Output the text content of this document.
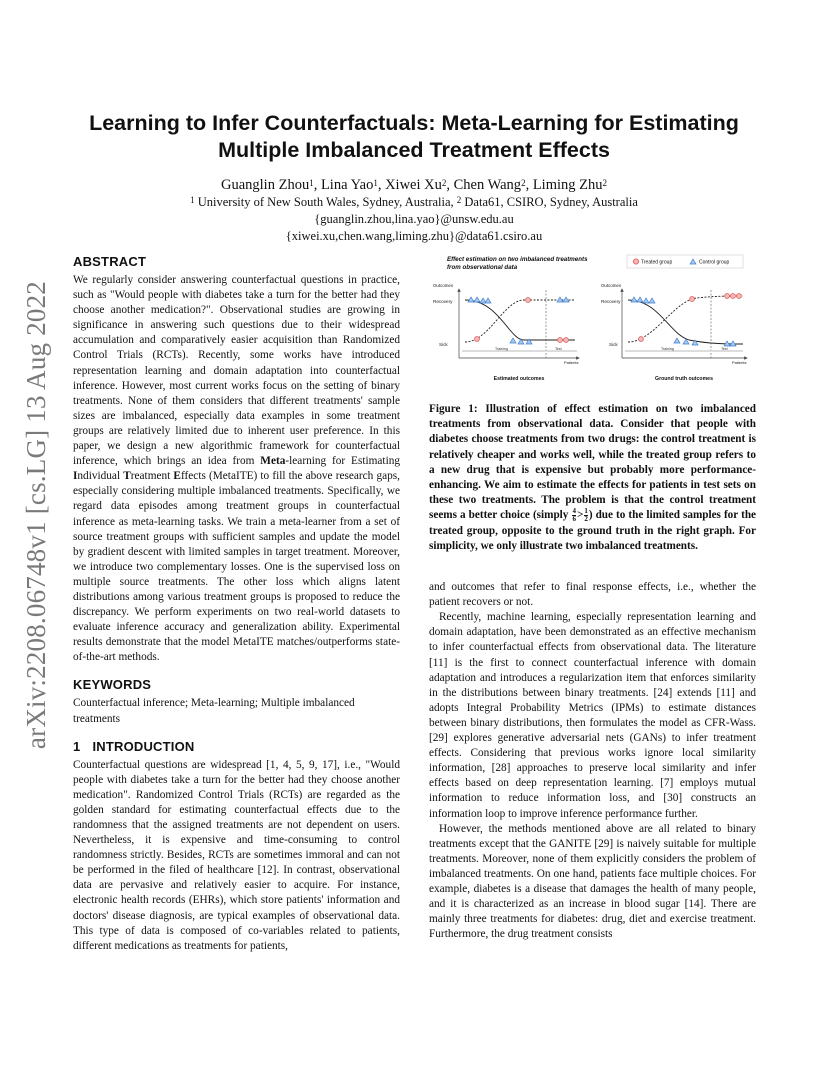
arXiv:2208.06748v1 [cs.LG] 13 Aug 2022
Learning to Infer Counterfactuals: Meta-Learning for Estimating
Multiple Imbalanced Treatment Effects
Guanglin Zhou$^1$, Lina Yao$^1$, Xiwei Xu$^2$, Chen Wang$^2$, Liming Zhu$^2$
$^1$ University of New South Wales, Sydney, Australia, $^2$ Data61, CSIRO, Sydney, Australia
{guanglin.zhou,lina.yao}@unsw.edu.au
{xiwei.xu,chen.wang,liming.zhu}@data61.csiro.au
ABSTRACT

We regularly consider answering counterfactual questions in practice, such as "Would people with diabetes take a turn for the better had they choose another medication?". Observational studies are growing in significance in answering such questions due to their widespread accumulation and comparatively easier acquisition than Randomized Control Trials (RCTs). Recently, some works have introduced representation learning and domain adaptation into counterfactual inference. However, most current works focus on the setting of binary treatments. None of them considers that different treatments' sample sizes are imbalanced, especially data examples in some treatment groups are relatively limited due to inherent user preference. In this paper, we design a new algorithmic framework for counterfactual inference, which brings an idea from Meta-learning for Estimating Individual Treatment Effects (MetaITE) to fill the above research gaps, especially considering multiple imbalanced treatments. Specifically, we regard data episodes among treatment groups in counterfactual inference as meta-learning tasks. We train a meta-learner from a set of source treatment groups with sufficient samples and update the model by gradient descent with limited samples in target treatment. Moreover, we introduce two complementary losses. One is the supervised loss on multiple source treatments. The other loss which aligns latent distributions among various treatment groups is proposed to reduce the discrepancy. We perform experiments on two real-world datasets to evaluate inference accuracy and generalization ability. Experimental results demonstrate that the model MetaITE matches/outperforms state-of-the-art methods.

KEYWORDS

Counterfactual inference; Meta-learning; Multiple imbalanced treatments

1 INTRODUCTION

Counterfactual questions are widespread [1, 4, 5, 9, 17], i.e., "Would people with diabetes take a turn for the better had they choose another medication". Randomized Control Trials (RCTs) are regarded as the golden standard for estimating counterfactual effects due to the randomness that the assigned treatments are not dependent on users. Nevertheless, it is expensive and time-consuming to control randomness strictly. Besides, RCTs are sometimes immoral and can not be performed in the filed of healthcare [12]. In contrast, observational data are pervasive and relatively easier to acquire. For instance, electronic health records (EHRs), which store patients' information and doctors' disease diagnosis, are typical examples of observational data. This type of data is composed of co-variables related to patients, different medications as treatments for patients,

Effect estimation on two imbalanced treatments
from observational data
Treated group	Control group
Outcomes
Recovery
Sick
Training	Test
Patients
Estimated outcomes
Outcomes
Recovery
Sick
Training	Test
Patients
Ground truth outcomes
Figure 1: Illustration of effect estimation on two imbalanced treatments from observational data. Consider that people with diabetes choose treatments from two drugs: the control treatment is relatively cheaper and works well, while the treated group refers to a new drug that is expensive but probably more performance-enhancing. We aim to estimate the effects for patients in test sets on these two treatments. The problem is that the control treatment seems a better choice (simply $\frac{4}{6} > \frac{1}{2}$ ) due to the limited samples for the treated group, opposite to the ground truth in the right graph. For simplicity, we only illustrate two imbalanced treatments.

and outcomes that refer to final response effects, i.e., whether the patient recovers or not.

Recently, machine learning, especially representation learning and domain adaptation, have been demonstrated as an effective mechanism to infer counterfactual effects from observational data. The literature [11] is the first to connect counterfactual inference with domain adaptation and introduces a regularization item that enforces similarity in the distributions between binary treatments. [24] extends [11] and adopts Integral Probability Metrics (IPMs) to estimate distances between binary distributions, then formulates the model as CFR-Wass. [29] explores generative adversarial nets (GANs) to infer treatment effects. Considering that previous works ignore local similarity information, [28] approaches to preserve local similarity and infer effects based on deep representation learning. [7] employs mutual information to reduce information loss, and [30] constructs an information loop to improve inference performance further.

However, the methods mentioned above are all related to binary treatments except that the GANITE [29] is naively suitable for multiple treatments. Moreover, none of them explicitly considers the problem of imbalanced treatments. On one hand, patients face multiple choices. For example, diabetes is a disease that damages the health of many people, and it is characterized as an increase in blood sugar [14]. There are mainly three treatments for diabetes: drug, diet and exercise treatment. Furthermore, the drug treatment consists
